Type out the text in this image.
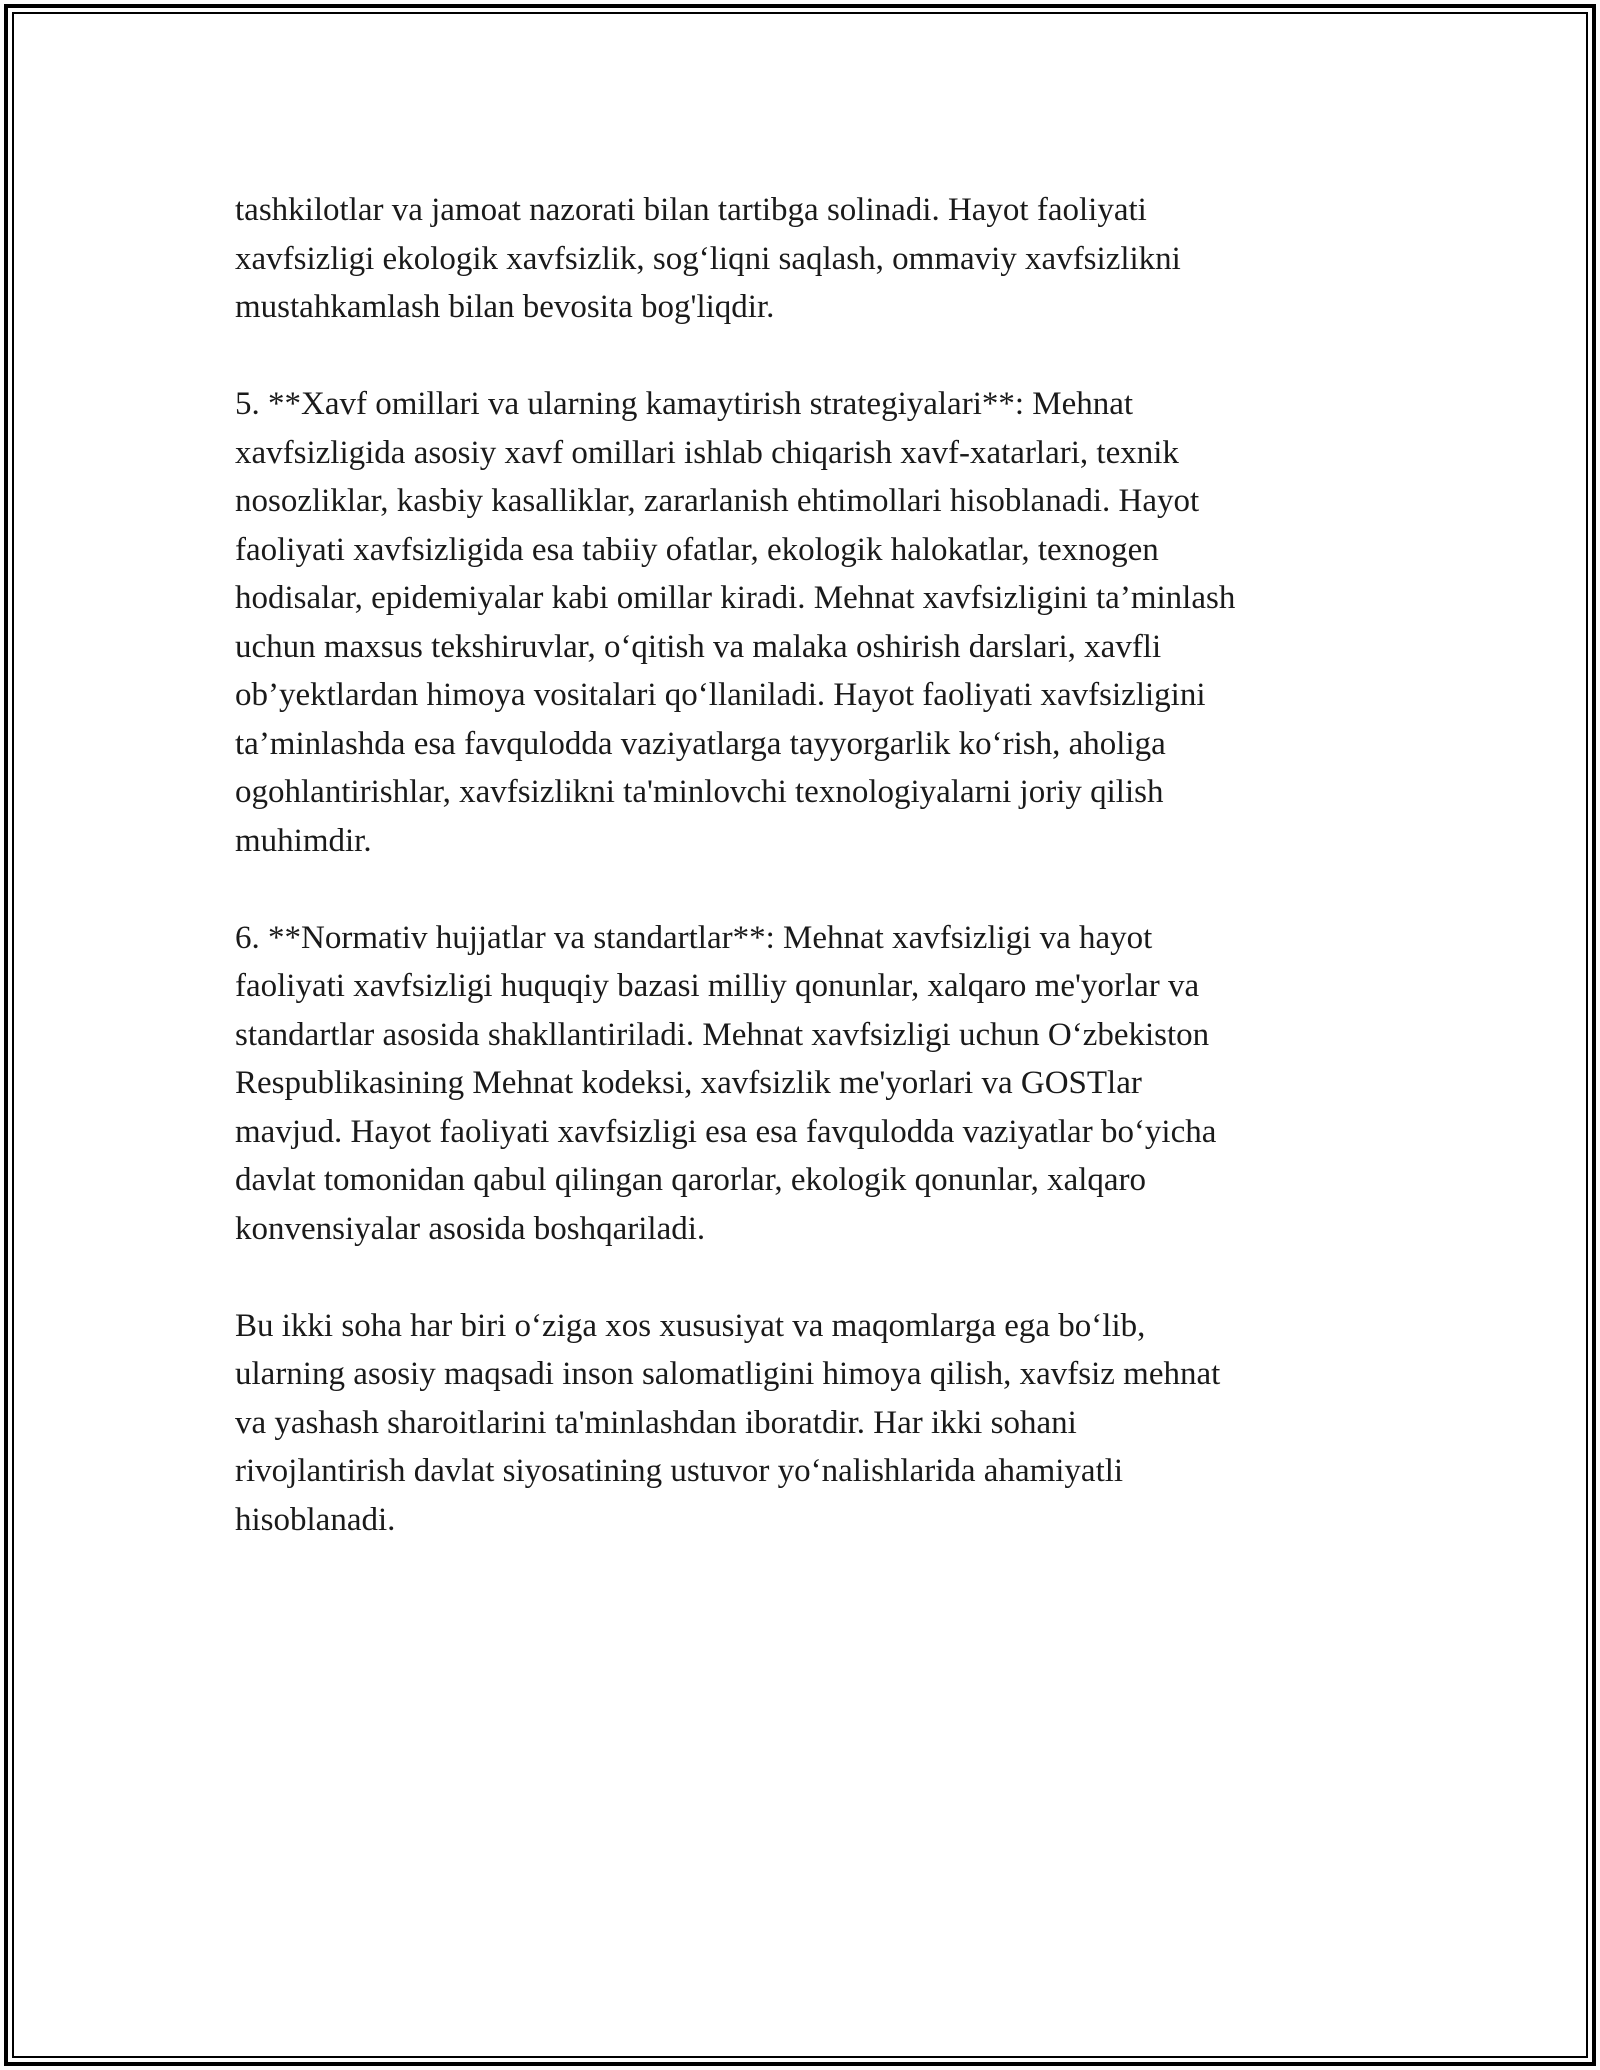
tashkilotlar va jamoat nazorati bilan tartibga solinadi. Hayot faoliyati
xavfsizligi ekologik xavfsizlik, sog‘liqni saqlash, ommaviy xavfsizlikni
mustahkamlash bilan bevosita bog'liqdir.

5. **Xavf omillari va ularning kamaytirish strategiyalari**: Mehnat
xavfsizligida asosiy xavf omillari ishlab chiqarish xavf-xatarlari, texnik
nosozliklar, kasbiy kasalliklar, zararlanish ehtimollari hisoblanadi. Hayot
faoliyati xavfsizligida esa tabiiy ofatlar, ekologik halokatlar, texnogen
hodisalar, epidemiyalar kabi omillar kiradi. Mehnat xavfsizligini ta’minlash
uchun maxsus tekshiruvlar, o‘qitish va malaka oshirish darslari, xavfli
ob’yektlardan himoya vositalari qo‘llaniladi. Hayot faoliyati xavfsizligini
ta’minlashda esa favqulodda vaziyatlarga tayyorgarlik ko‘rish, aholiga
ogohlantirishlar, xavfsizlikni ta'minlovchi texnologiyalarni joriy qilish
muhimdir.

6. **Normativ hujjatlar va standartlar**: Mehnat xavfsizligi va hayot
faoliyati xavfsizligi huquqiy bazasi milliy qonunlar, xalqaro me'yorlar va
standartlar asosida shakllantiriladi. Mehnat xavfsizligi uchun O‘zbekiston
Respublikasining Mehnat kodeksi, xavfsizlik me'yorlari va GOSTlar
mavjud. Hayot faoliyati xavfsizligi esa esa favqulodda vaziyatlar bo‘yicha
davlat tomonidan qabul qilingan qarorlar, ekologik qonunlar, xalqaro
konvensiyalar asosida boshqariladi.

Bu ikki soha har biri o‘ziga xos xususiyat va maqomlarga ega bo‘lib,
ularning asosiy maqsadi inson salomatligini himoya qilish, xavfsiz mehnat
va yashash sharoitlarini ta'minlashdan iboratdir. Har ikki sohani
rivojlantirish davlat siyosatining ustuvor yo‘nalishlarida ahamiyatli
hisoblanadi.
